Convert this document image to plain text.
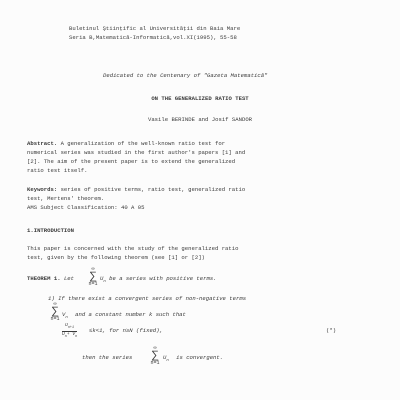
Buletinul Ştiinţific al Universităţii din Baia Mare
Seria B,Matematică-Informatică,vol.XI(1995), 55-58
Dedicated to the Centenary of "Gazeta Matematică"
ON THE GENERALIZED RATIO TEST
Vasile BERINDE and Josif SANDOR
Abstract. A generalization of the well-known ratio test for
numerical series was studied in the first author's papers [1] and
[2]. The aim of the present paper is to extend the generalized
ratio test itself.
Keywords: series of positive terms, ratio test, generalized ratio
test, Mertens' theorem.
AMS Subject Classification: 40 A 05
1.INTRODUCTION
This paper is concerned with the study of the generalized ratio
test, given by the following theorem (see [1] or [2])
THEOREM 1. Let
∞
∑
n=1
$U_n$ be a series with positive terms.
1) If there exist a convergent series of non-negative terms
∞
∑
n=1
$V_n$ and a constant number k such that
$\frac{U_{n+1}}{U_n+ V_n} \le k<1$, for n≥N (fixed),	(*)
then the series
∞
∑
n=1
$U_n$ is convergent.
